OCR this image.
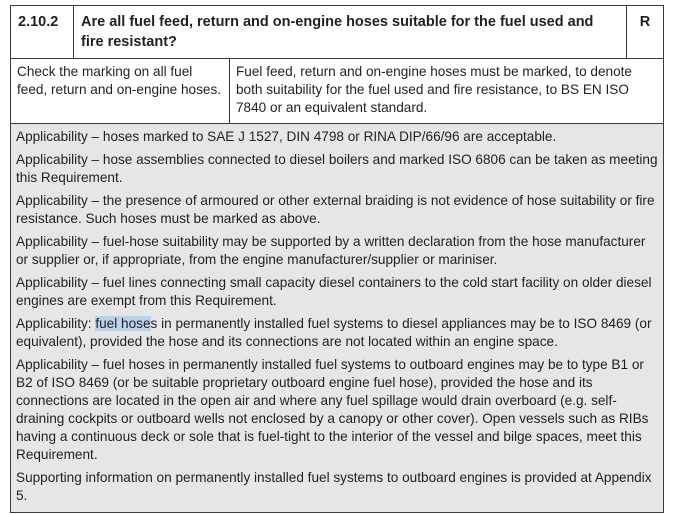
2.10.2	Are all fuel feed, return and on-engine hoses suitable for the fuel used and fire resistant?	R
Check the marking on all fuel feed, return and on-engine hoses.	Fuel feed, return and on-engine hoses must be marked, to denote both suitability for the fuel used and fire resistance, to BS EN ISO 7840 or an equivalent standard.

Applicability – hoses marked to SAE J 1527, DIN 4798 or RINA DIP/66/96 are acceptable.

Applicability – hose assemblies connected to diesel boilers and marked ISO 6806 can be taken as meeting this Requirement.

Applicability – the presence of armoured or other external braiding is not evidence of hose suitability or fire resistance. Such hoses must be marked as above.

Applicability – fuel-hose suitability may be supported by a written declaration from the hose manufacturer or supplier or, if appropriate, from the engine manufacturer/supplier or mariniser.

Applicability – fuel lines connecting small capacity diesel containers to the cold start facility on older diesel engines are exempt from this Requirement.

Applicability: fuel hoses in permanently installed fuel systems to diesel appliances may be to ISO 8469 (or equivalent), provided the hose and its connections are not located within an engine space.

Applicability – fuel hoses in permanently installed fuel systems to outboard engines may be to type B1 or B2 of ISO 8469 (or be suitable proprietary outboard engine fuel hose), provided the hose and its connections are located in the open air and where any fuel spillage would drain overboard (e.g. self-draining cockpits or outboard wells not enclosed by a canopy or other cover). Open vessels such as RIBs having a continuous deck or sole that is fuel-tight to the interior of the vessel and bilge spaces, meet this Requirement.

Supporting information on permanently installed fuel systems to outboard engines is provided at Appendix 5.
